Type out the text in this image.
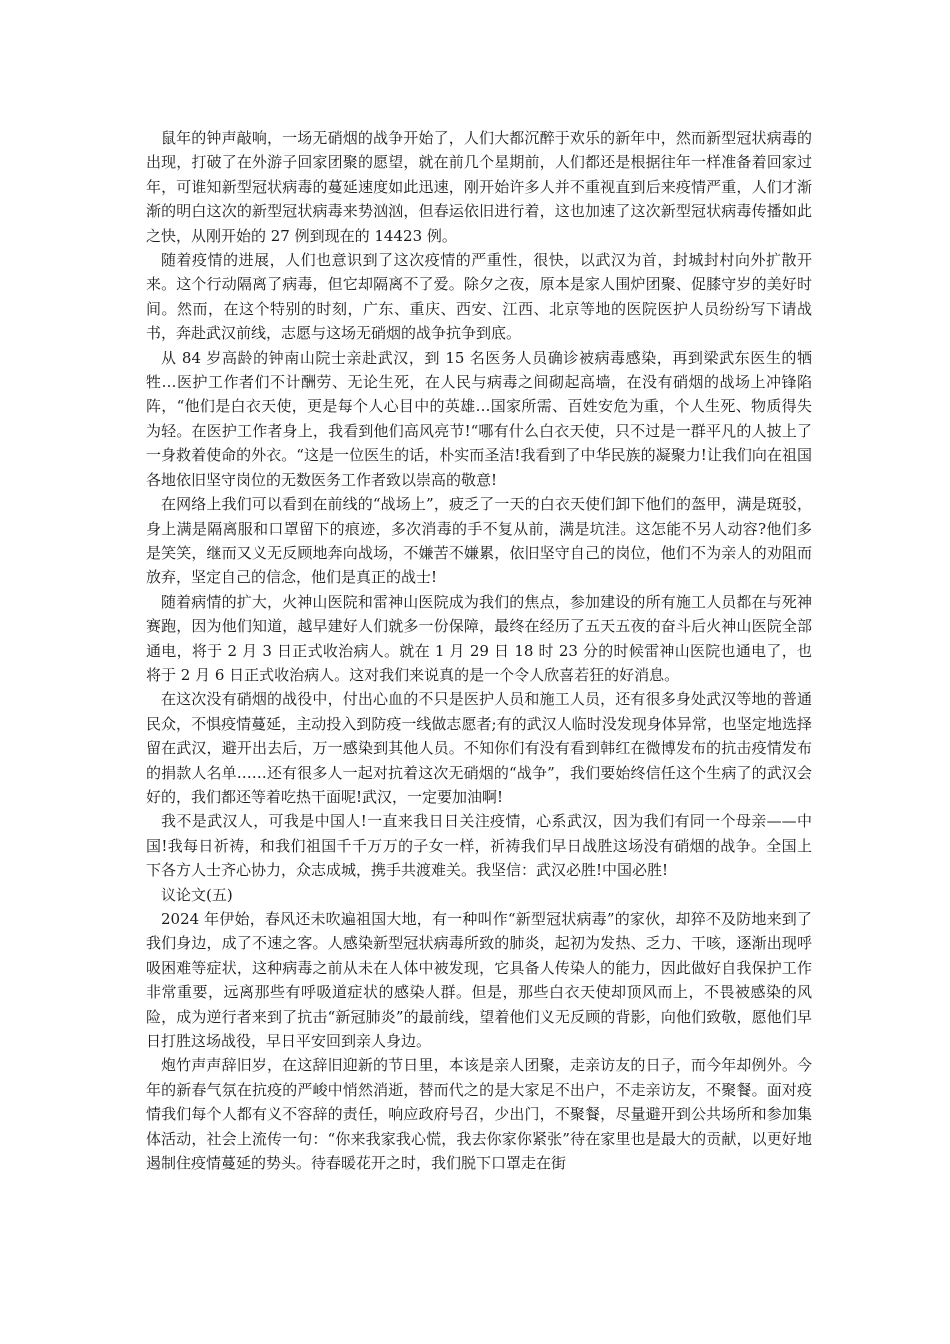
鼠年的钟声敲响，一场无硝烟的战争开始了，人们大都沉醉于欢乐的新年中，然而新型冠状病毒的出现，打破了在外游子回家团聚的愿望，就在前几个星期前，人们都还是根据往年一样准备着回家过年，可谁知新型冠状病毒的蔓延速度如此迅速，刚开始许多人并不重视直到后来疫情严重，人们才渐渐的明白这次的新型冠状病毒来势汹汹，但春运依旧进行着，这也加速了这次新型冠状病毒传播如此之快，从刚开始的 27 例到现在的 14423 例。

随着疫情的进展，人们也意识到了这次疫情的严重性，很快，以武汉为首，封城封村向外扩散开来。这个行动隔离了病毒，但它却隔离不了爱。除夕之夜，原本是家人围炉团聚、促膝守岁的美好时间。然而，在这个特别的时刻，广东、重庆、西安、江西、北京等地的医院医护人员纷纷写下请战书，奔赴武汉前线，志愿与这场无硝烟的战争抗争到底。

从 84 岁高龄的钟南山院士亲赴武汉，到 15 名医务人员确诊被病毒感染，再到梁武东医生的牺牲…医护工作者们不计酬劳、无论生死，在人民与病毒之间砌起高墙，在没有硝烟的战场上冲锋陷阵，“他们是白衣天使，更是每个人心目中的英雄…国家所需、百姓安危为重，个人生死、物质得失为轻。在医护工作者身上，我看到他们高风亮节!“哪有什么白衣天使，只不过是一群平凡的人披上了一身救着使命的外衣。“这是一位医生的话，朴实而圣洁!我看到了中华民族的凝聚力!让我们向在祖国各地依旧坚守岗位的无数医务工作者致以崇高的敬意!

在网络上我们可以看到在前线的“战场上”，疲乏了一天的白衣天使们卸下他们的盔甲，满是斑驳，身上满是隔离服和口罩留下的痕迹，多次消毒的手不复从前，满是坑洼。这怎能不另人动容?他们多是笑笑，继而又义无反顾地奔向战场，不嫌苦不嫌累，依旧坚守自己的岗位，他们不为亲人的劝阻而放弃，坚定自己的信念，他们是真正的战士!

随着病情的扩大，火神山医院和雷神山医院成为我们的焦点，参加建设的所有施工人员都在与死神赛跑，因为他们知道，越早建好人们就多一份保障，最终在经历了五天五夜的奋斗后火神山医院全部通电，将于 2 月 3 日正式收治病人。就在 1 月 29 日 18 时 23 分的时候雷神山医院也通电了，也将于 2 月 6 日正式收治病人。这对我们来说真的是一个令人欣喜若狂的好消息。

在这次没有硝烟的战役中，付出心血的不只是医护人员和施工人员，还有很多身处武汉等地的普通民众，不惧疫情蔓延，主动投入到防疫一线做志愿者;有的武汉人临时没发现身体异常，也坚定地选择留在武汉，避开出去后，万一感染到其他人员。不知你们有没有看到韩红在微博发布的抗击疫情发布的捐款人名单……还有很多人一起对抗着这次无硝烟的“战争”，我们要始终信任这个生病了的武汉会好的，我们都还等着吃热干面呢!武汉，一定要加油啊!

我不是武汉人，可我是中国人!一直来我日日关注疫情，心系武汉，因为我们有同一个母亲——中国!我每日祈祷，和我们祖国千千万万的子女一样，祈祷我们早日战胜这场没有硝烟的战争。全国上下各方人士齐心协力，众志成城，携手共渡难关。我坚信：武汉必胜!中国必胜!

议论文(五)

2024 年伊始，春风还未吹遍祖国大地，有一种叫作“新型冠状病毒”的家伙，却猝不及防地来到了我们身边，成了不速之客。人感染新型冠状病毒所致的肺炎，起初为发热、乏力、干咳，逐渐出现呼吸困难等症状，这种病毒之前从未在人体中被发现，它具备人传染人的能力，因此做好自我保护工作非常重要，远离那些有呼吸道症状的感染人群。但是，那些白衣天使却顶风而上，不畏被感染的风险，成为逆行者来到了抗击“新冠肺炎”的最前线，望着他们义无反顾的背影，向他们致敬，愿他们早日打胜这场战役，早日平安回到亲人身边。

炮竹声声辞旧岁，在这辞旧迎新的节日里，本该是亲人团聚，走亲访友的日子，而今年却例外。今年的新春气氛在抗疫的严峻中悄然消逝，替而代之的是大家足不出户，不走亲访友，不聚餐。面对疫情我们每个人都有义不容辞的责任，响应政府号召，少出门，不聚餐，尽量避开到公共场所和参加集体活动，社会上流传一句：“你来我家我心慌，我去你家你紧张”待在家里也是最大的贡献，以更好地遏制住疫情蔓延的势头。待春暖花开之时，我们脱下口罩走在街
